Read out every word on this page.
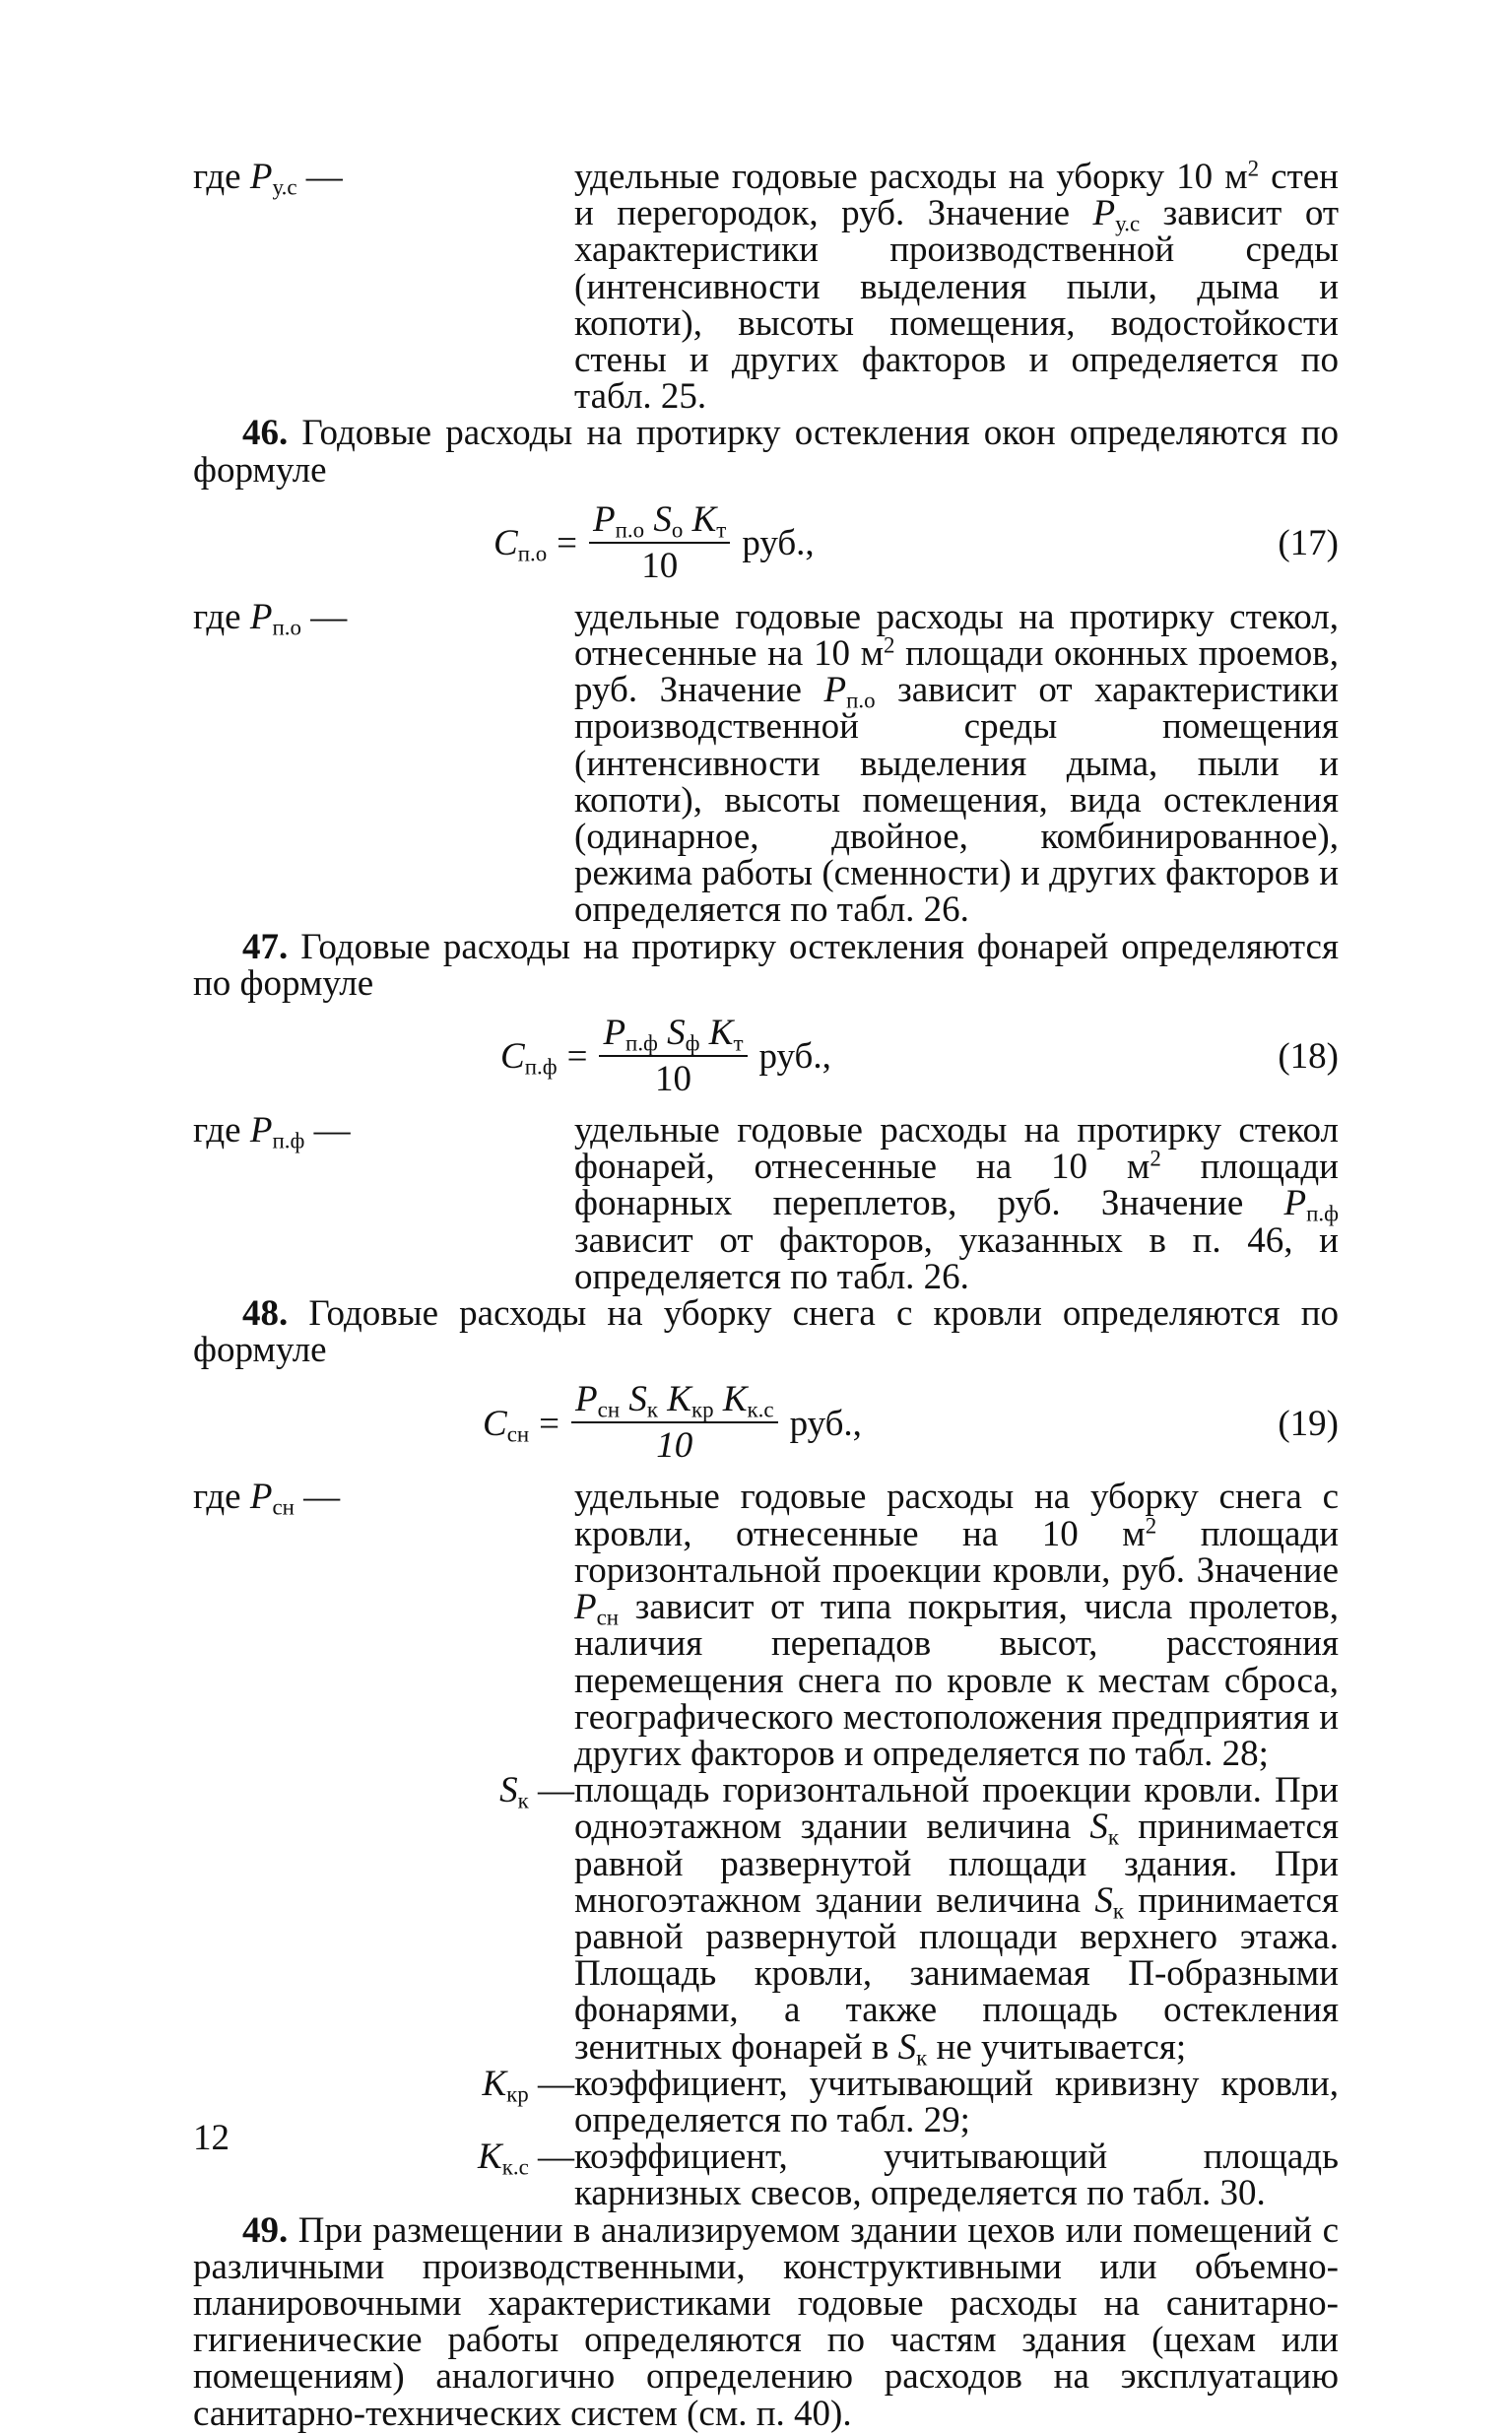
где $P_{у.с}$ —	удельные годовые расходы на уборку 10 $м^2$ стен и перегородок, руб. Значение $P_{у.с}$ зависит от характеристики производственной среды (интенсивности выделения пыли, дыма и копоти), высоты помещения, водостойкости стены и других факторов и определяется по табл. 25.

46. Годовые расходы на протирку остекления окон определяются по формуле

$C_{п.о} = \frac{P_{п.о} S_о K_т}{10}$ руб.,	(17)
где $P_{п.о}$ —	удельные годовые расходы на протирку стекол, отнесенные на 10 $м^2$ площади оконных проемов, руб. Значение $P_{п.о}$ зависит от характеристики производственной среды помещения (интенсивности выделения дыма, пыли и копоти), высоты помещения, вида остекления (одинарное, двойное, комбинированное), режима работы (сменности) и других факторов и определяется по табл. 26.

47. Годовые расходы на протирку остекления фонарей определяются по формуле

$C_{п.ф} = \frac{P_{п.ф} S_ф K_т}{10}$ руб.,	(18)
где $P_{п.ф}$ —	удельные годовые расходы на протирку стекол фонарей, отнесенные на 10 $м^2$ площади фонарных переплетов, руб. Значение $P_{п.ф}$ зависит от факторов, указанных в п. 46, и определяется по табл. 26.

48. Годовые расходы на уборку снега с кровли определяются по формуле

$C_{сн} = \frac{P_{сн} S_к K_{кр} K_{к.с}}{10}$ руб.,	(19)
где $P_{сн}$ —	удельные годовые расходы на уборку снега с кровли, отнесенные на 10 $м^2$ площади горизонтальной проекции кровли, руб. Значение $P_{сн}$ зависит от типа покрытия, числа пролетов, наличия перепадов высот, расстояния перемещения снега по кровле к местам сброса, географического местоположения предприятия и других факторов и определяется по табл. 28;
$S_к$ — площадь горизонтальной проекции кровли. При одноэтажном здании величина $S_к$ принимается равной развернутой площади здания. При многоэтажном здании величина $S_к$ принимается равной развернутой площади верхнего этажа. Площадь кровли, занимаемая П-образными фонарями, а также площадь остекления зенитных фонарей в $S_к$ не учитывается;
$K_{кр}$ — коэффициент, учитывающий кривизну кровли, определяется по табл. 29;
$K_{к.с}$ — коэффициент, учитывающий площадь карнизных свесов, определяется по табл. 30.

49. При размещении в анализируемом здании цехов или помещений с различными производственными, конструктивными или объемно-планировочными характеристиками годовые расходы на санитарно-гигиенические работы определяются по частям здания (цехам или помещениям) аналогично определению расходов на эксплуатацию санитарно-технических систем (см. п. 40).

12
